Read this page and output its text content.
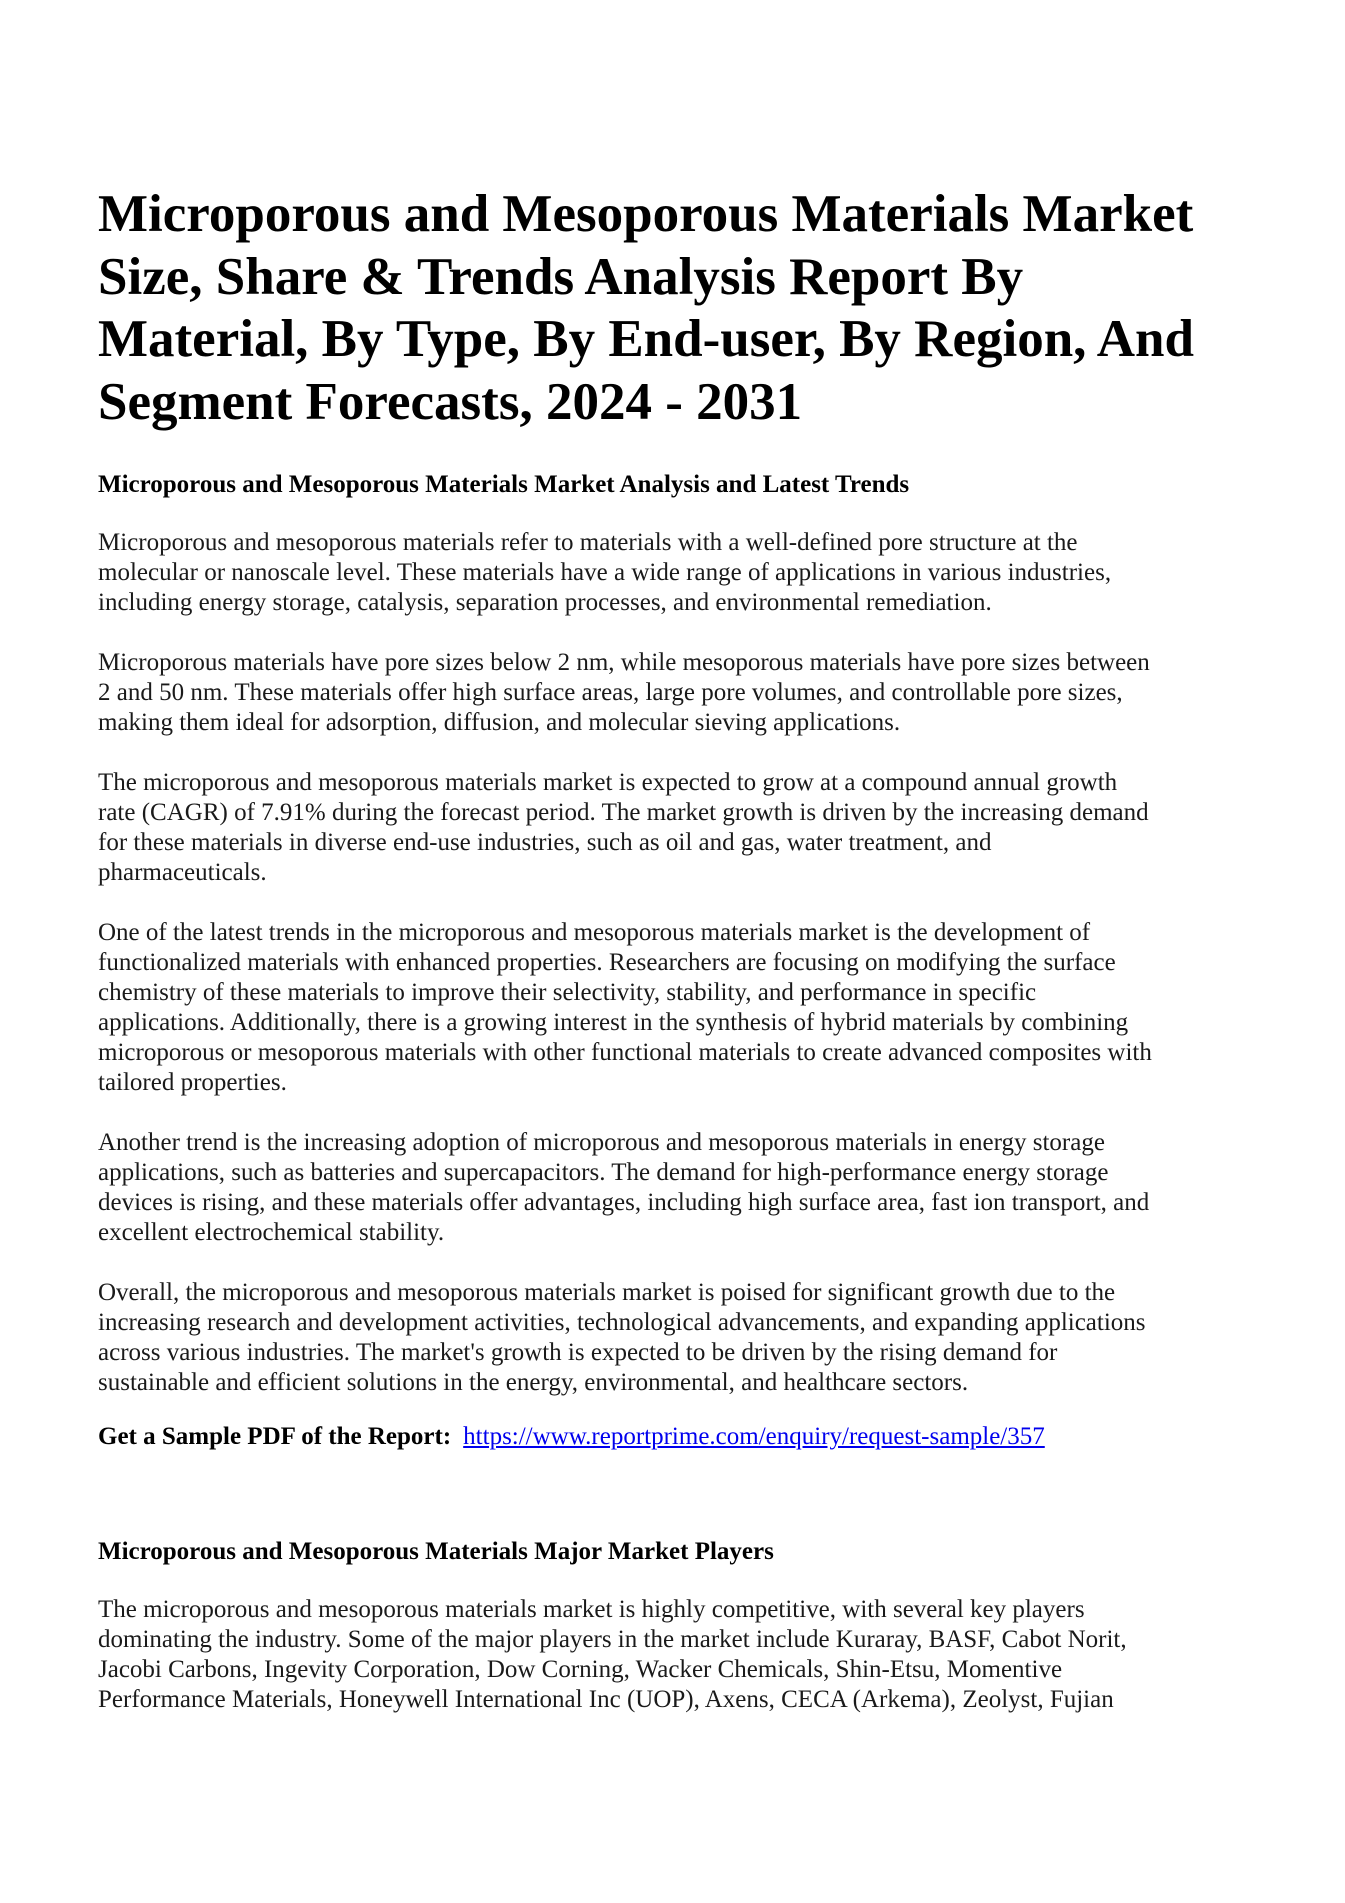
Microporous and Mesoporous Materials Market
Size, Share & Trends Analysis Report By
Material, By Type, By End-user, By Region, And
Segment Forecasts, 2024 - 2031
Microporous and Mesoporous Materials Market Analysis and Latest Trends
Microporous and mesoporous materials refer to materials with a well-defined pore structure at the
molecular or nanoscale level. These materials have a wide range of applications in various industries,
including energy storage, catalysis, separation processes, and environmental remediation.
Microporous materials have pore sizes below 2 nm, while mesoporous materials have pore sizes between
2 and 50 nm. These materials offer high surface areas, large pore volumes, and controllable pore sizes,
making them ideal for adsorption, diffusion, and molecular sieving applications.
The microporous and mesoporous materials market is expected to grow at a compound annual growth
rate (CAGR) of 7.91% during the forecast period. The market growth is driven by the increasing demand
for these materials in diverse end-use industries, such as oil and gas, water treatment, and
pharmaceuticals.
One of the latest trends in the microporous and mesoporous materials market is the development of
functionalized materials with enhanced properties. Researchers are focusing on modifying the surface
chemistry of these materials to improve their selectivity, stability, and performance in specific
applications. Additionally, there is a growing interest in the synthesis of hybrid materials by combining
microporous or mesoporous materials with other functional materials to create advanced composites with
tailored properties.
Another trend is the increasing adoption of microporous and mesoporous materials in energy storage
applications, such as batteries and supercapacitors. The demand for high-performance energy storage
devices is rising, and these materials offer advantages, including high surface area, fast ion transport, and
excellent electrochemical stability.
Overall, the microporous and mesoporous materials market is poised for significant growth due to the
increasing research and development activities, technological advancements, and expanding applications
across various industries. The market's growth is expected to be driven by the rising demand for
sustainable and efficient solutions in the energy, environmental, and healthcare sectors.
Get a Sample PDF of the Report: https://www.reportprime.com/enquiry/request-sample/357
Microporous and Mesoporous Materials Major Market Players
The microporous and mesoporous materials market is highly competitive, with several key players
dominating the industry. Some of the major players in the market include Kuraray, BASF, Cabot Norit,
Jacobi Carbons, Ingevity Corporation, Dow Corning, Wacker Chemicals, Shin-Etsu, Momentive
Performance Materials, Honeywell International Inc (UOP), Axens, CECA (Arkema), Zeolyst, Fujian
